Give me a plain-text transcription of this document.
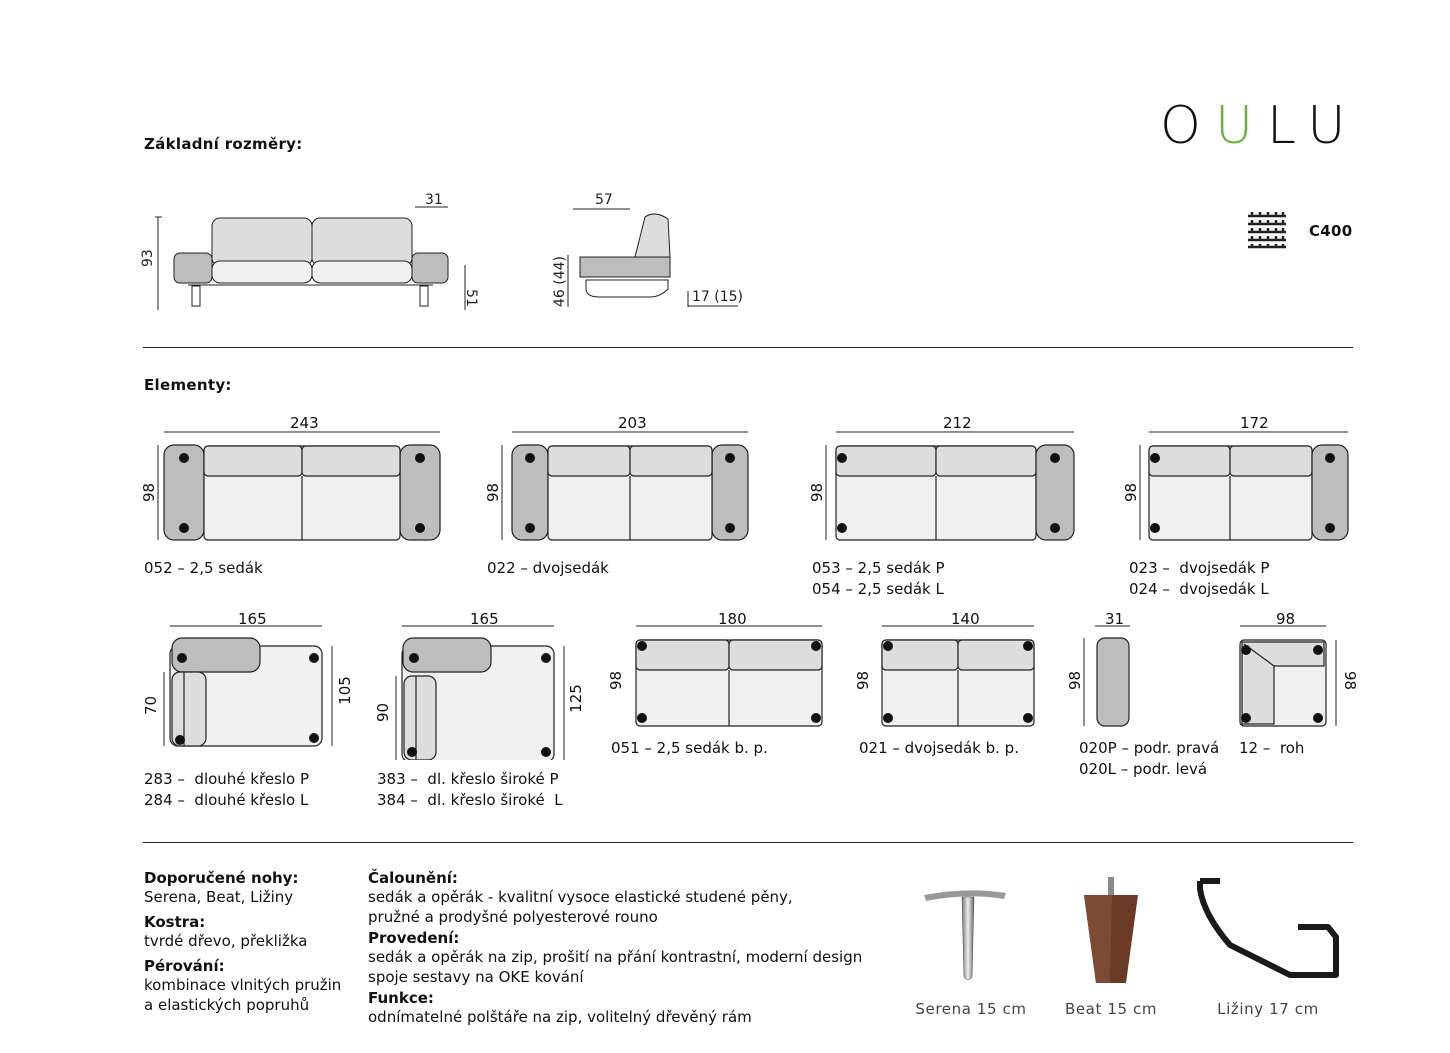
OULU
C400
Základní rozměry:
Elementy:
31
93
51
57
46 (44)	17 (15)
243	203	212	172
98	98	98	98
052 – 2,5 sedák	022 – dvojsedák	053 – 2,5 sedák P
054 – 2,5 sedák L
023 –  dvojsedák P
024 –  dvojsedák L
165	165	180	140	31	98
70
105
90	125
98	98	98	98
283 –  dlouhé křeslo P
284 –  dlouhé křeslo L
383 –  dl. křeslo široké P
384 –  dl. křeslo široké  L
051 – 2,5 sedák b. p.	021 – dvojsedák b. p.	020P – podr. pravá
020L – podr. levá
12 –  roh
Doporučené nohy:
Serena, Beat, Ližiny
Kostra:
tvrdé dřevo, překližka
Pérování:
kombinace vlnitých pružin
a elastických popruhů
Čalounění:
sedák a opěrák - kvalitní vysoce elastické studené pěny,
pružné a prodyšné polyesterové rouno
Provedení:
sedák a opěrák na zip, prošití na přání kontrastní, moderní design
spoje sestavy na OKE kování
Funkce:
odnímatelné polštáře na zip, volitelný dřevěný rám	Serena 15 cm	Beat 15 cm	Ližiny 17 cm
